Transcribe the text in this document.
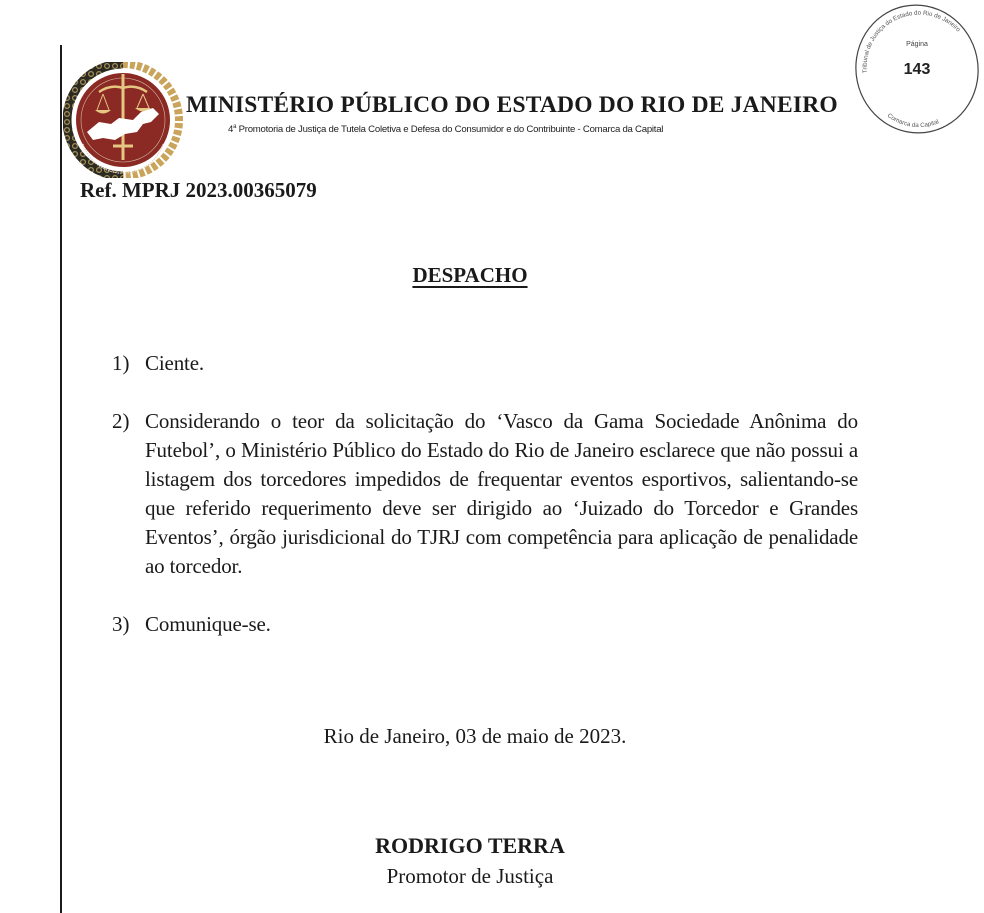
MINISTÉRIO PÚBLICO DO ESTADO DO RIO DE JANEIRO
4$^a$ Promotoria de Justiça de Tutela Coletiva e Defesa do Consumidor e do Contribuinte - Comarca da Capital
Tribunal de Justiça do Estado do Rio de Janeiro
Comarca da Capital
Página
143
Ref. MPRJ 2023.00365079
DESPACHO
1) Ciente.
2) Considerando o teor da solicitação do ‘Vasco da Gama Sociedade Anônima do Futebol’, o Ministério Público do Estado do Rio de Janeiro esclarece que não possui a listagem dos torcedores impedidos de frequentar eventos esportivos, salientando-se que referido requerimento deve ser dirigido ao ‘Juizado do Torcedor e Grandes Eventos’, órgão jurisdicional do TJRJ com competência para aplicação de penalidade ao torcedor.
3) Comunique-se.
Rio de Janeiro, 03 de maio de 2023.
RODRIGO TERRA
Promotor de Justiça
